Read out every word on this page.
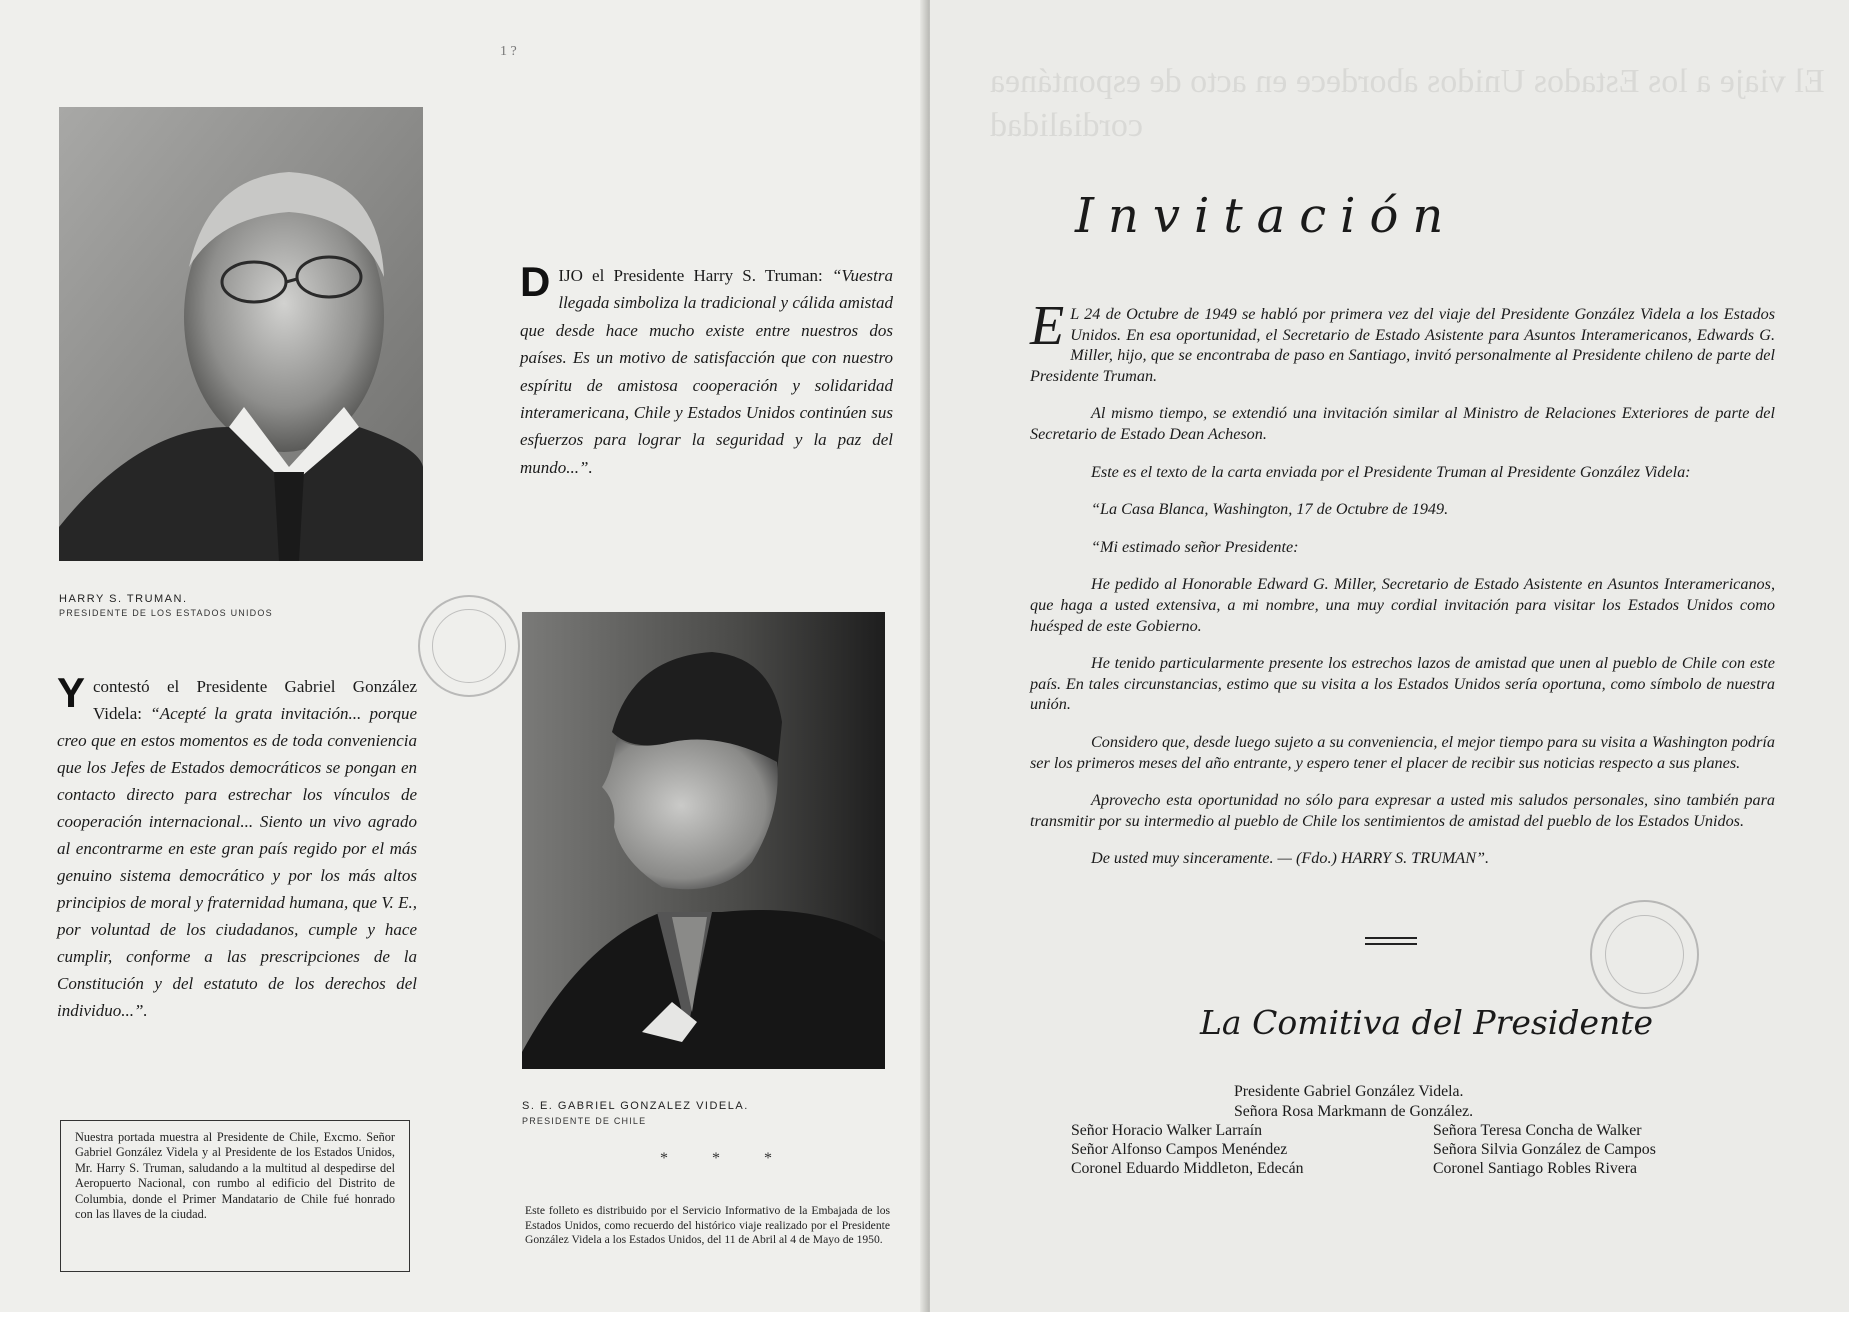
1 ?
HARRY S. TRUMAN.
PRESIDENTE DE LOS ESTADOS UNIDOS
D IJO el Presidente Harry S. Truman: “Vuestra llegada simboliza la tradicional y cálida amistad que desde hace mucho existe entre nuestros dos países. Es un motivo de satisfacción que con nuestro espíritu de amistosa cooperación y solidaridad interamericana, Chile y Estados Unidos continúen sus esfuerzos para lograr la seguridad y la paz del mundo...”.
Y contestó el Presidente Gabriel González Videla: “Acepté la grata invitación... porque creo que en estos momentos es de toda conveniencia que los Jefes de Estados democráticos se pongan en contacto directo para estrechar los vínculos de cooperación internacional... Siento un vivo agrado al encontrarme en este gran país regido por el más genuino sistema democrático y por los más altos principios de moral y fraternidad humana, que V. E., por voluntad de los ciudadanos, cumple y hace cumplir, conforme a las prescripciones de la Constitución y del estatuto de los derechos del individuo...”.
S. E. GABRIEL GONZALEZ VIDELA.
PRESIDENTE DE CHILE
Nuestra portada muestra al Presidente de Chile, Excmo. Señor Gabriel González Videla y al Presidente de los Estados Unidos, Mr. Harry S. Truman, saludando a la multitud al despedirse del Aeropuerto Nacional, con rumbo al edificio del Distrito de Columbia, donde el Primer Mandatario de Chile fué honrado con las llaves de la ciudad.
* * *
Este folleto es distribuido por el Servicio Informativo de la Embajada de los Estados Unidos, como recuerdo del histórico viaje realizado por el Presidente González Videla a los Estados Unidos, del 11 de Abril al 4 de Mayo de 1950.
El viaje a los Estados Unidos abordece en acto de espontánea cordialidad
Invitación

E L 24 de Octubre de 1949 se habló por primera vez del viaje del Presidente González Videla a los Estados Unidos. En esa oportunidad, el Secretario de Estado Asistente para Asuntos Interamericanos, Edwards G. Miller, hijo, que se encontraba de paso en Santiago, invitó personalmente al Presidente chileno de parte del Presidente Truman.

Al mismo tiempo, se extendió una invitación similar al Ministro de Relaciones Exteriores de parte del Secretario de Estado Dean Acheson.

Este es el texto de la carta enviada por el Presidente Truman al Presidente González Videla:

“La Casa Blanca, Washington, 17 de Octubre de 1949.

“Mi estimado señor Presidente:

He pedido al Honorable Edward G. Miller, Secretario de Estado Asistente en Asuntos Interamericanos, que haga a usted extensiva, a mi nombre, una muy cordial invitación para visitar los Estados Unidos como huésped de este Gobierno.

He tenido particularmente presente los estrechos lazos de amistad que unen al pueblo de Chile con este país. En tales circunstancias, estimo que su visita a los Estados Unidos sería oportuna, como símbolo de nuestra unión.

Considero que, desde luego sujeto a su conveniencia, el mejor tiempo para su visita a Washington podría ser los primeros meses del año entrante, y espero tener el placer de recibir sus noticias respecto a sus planes.

Aprovecho esta oportunidad no sólo para expresar a usted mis saludos personales, sino también para transmitir por su intermedio al pueblo de Chile los sentimientos de amistad del pueblo de los Estados Unidos.

De usted muy sinceramente. — (Fdo.) HARRY S. TRUMAN”.

La Comitiva del Presidente
Presidente Gabriel González Videla.
Señora Rosa Markmann de González.
Señor Horacio Walker Larraín
Señor Alfonso Campos Menéndez
Coronel Eduardo Middleton, Edecán
Señora Teresa Concha de Walker
Señora Silvia González de Campos
Coronel Santiago Robles Rivera
